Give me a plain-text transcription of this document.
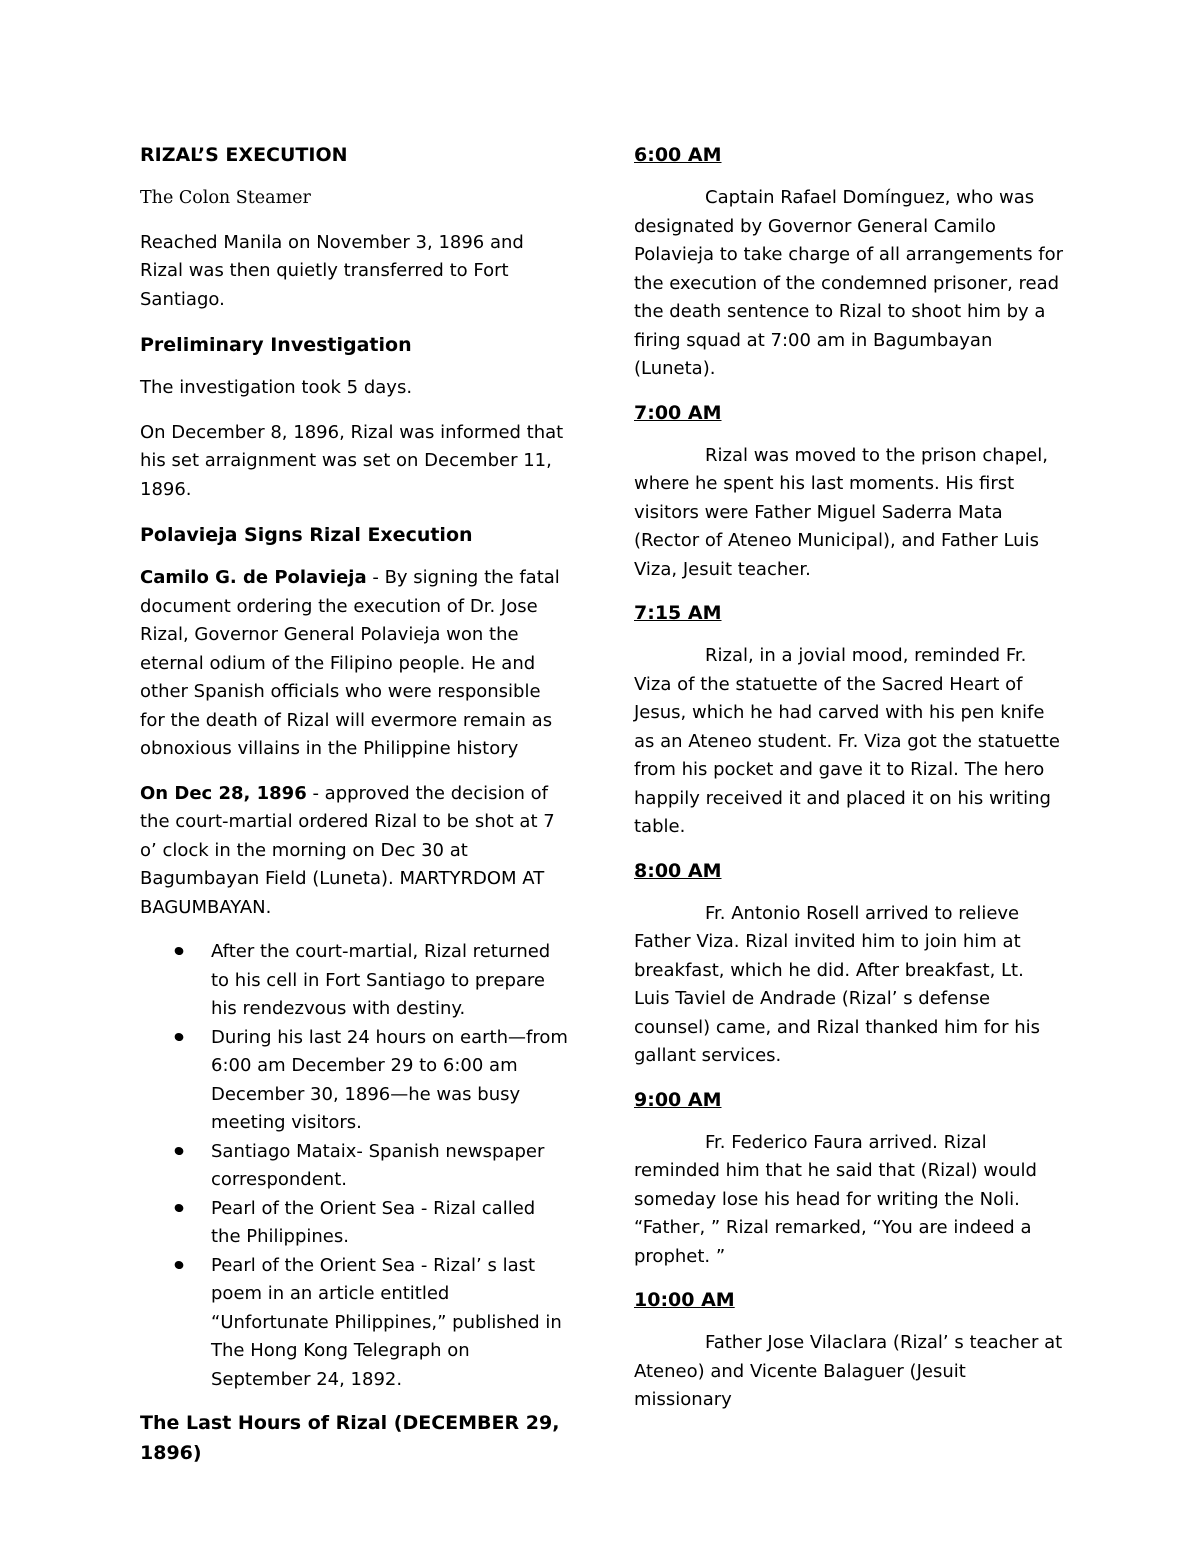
RIZAL’S EXECUTION

The Colon Steamer

Reached Manila on November 3, 1896 and Rizal was then quietly transferred to Fort Santiago.

Preliminary Investigation

The investigation took 5 days.

On December 8, 1896, Rizal was informed that his set arraignment was set on December 11, 1896.

Polavieja Signs Rizal Execution

Camilo G. de Polavieja - By signing the fatal document ordering the execution of Dr. Jose Rizal, Governor General Polavieja won the eternal odium of the Filipino people. He and other Spanish officials who were responsible for the death of Rizal will evermore remain as obnoxious villains in the Philippine history

On Dec 28, 1896 - approved the decision of the court-martial ordered Rizal to be shot at 7 o’ clock in the morning on Dec 30 at Bagumbayan Field (Luneta). MARTYRDOM AT BAGUMBAYAN.

After the court-martial, Rizal returned to his cell in Fort Santiago to prepare his rendezvous with destiny.
During his last 24 hours on earth—from 6:00 am December 29 to 6:00 am December 30, 1896—he was busy meeting visitors.
Santiago Mataix- Spanish newspaper correspondent.
Pearl of the Orient Sea - Rizal called the Philippines.
Pearl of the Orient Sea - Rizal’ s last poem in an article entitled “Unfortunate Philippines,” published in The Hong Kong Telegraph on September 24, 1892.
The Last Hours of Rizal (DECEMBER 29, 1896)

6:00 AM

Captain Rafael Domínguez, who was designated by Governor General Camilo Polavieja to take charge of all arrangements for the execution of the condemned prisoner, read the death sentence to Rizal to shoot him by a firing squad at 7:00 am in Bagumbayan (Luneta).

7:00 AM

Rizal was moved to the prison chapel, where he spent his last moments. His first visitors were Father Miguel Saderra Mata (Rector of Ateneo Municipal), and Father Luis Viza, Jesuit teacher.

7:15 AM

Rizal, in a jovial mood, reminded Fr. Viza of the statuette of the Sacred Heart of Jesus, which he had carved with his pen knife as an Ateneo student. Fr. Viza got the statuette from his pocket and gave it to Rizal. The hero happily received it and placed it on his writing table.

8:00 AM

Fr. Antonio Rosell arrived to relieve Father Viza. Rizal invited him to join him at breakfast, which he did. After breakfast, Lt. Luis Taviel de Andrade (Rizal’ s defense counsel) came, and Rizal thanked him for his gallant services.

9:00 AM

Fr. Federico Faura arrived. Rizal reminded him that he said that (Rizal) would someday lose his head for writing the Noli. “Father, ” Rizal remarked, “You are indeed a prophet. ”

10:00 AM

Father Jose Vilaclara (Rizal’ s teacher at Ateneo) and Vicente Balaguer (Jesuit missionary
